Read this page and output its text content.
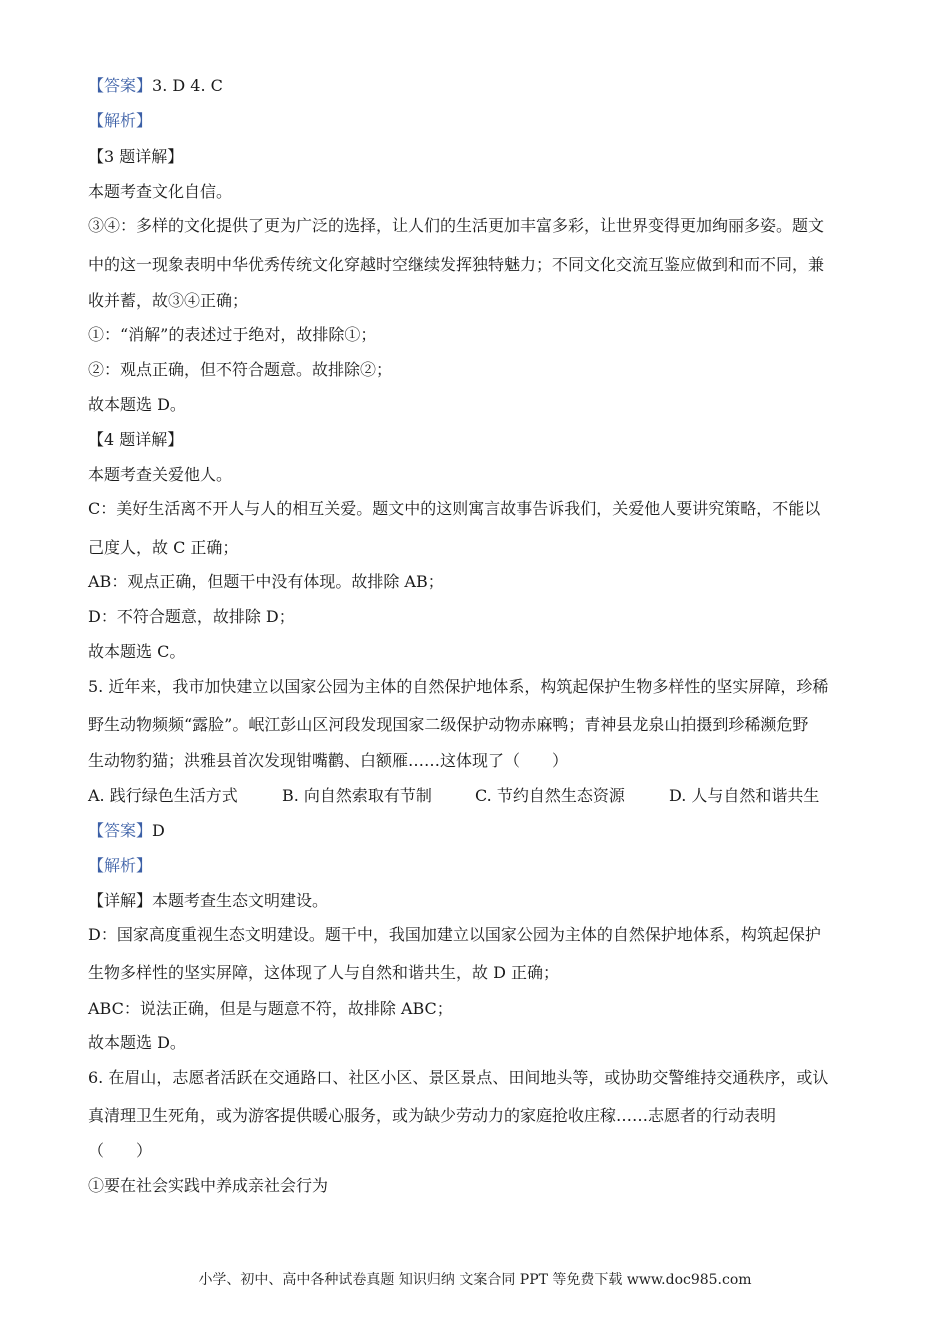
【答案】3. D 4. C
【解析】
【3 题详解】
本题考查文化自信。
③④：多样的文化提供了更为广泛的选择，让人们的生活更加丰富多彩，让世界变得更加绚丽多姿。题文
中的这一现象表明中华优秀传统文化穿越时空继续发挥独特魅力；不同文化交流互鉴应做到和而不同，兼
收并蓄，故③④正确；
①：“消解”的表述过于绝对，故排除①；
②：观点正确，但不符合题意。故排除②；
故本题选 D。
【4 题详解】
本题考查关爱他人。
C：美好生活离不开人与人的相互关爱。题文中的这则寓言故事告诉我们，关爱他人要讲究策略，不能以
己度人，故 C 正确；
AB：观点正确，但题干中没有体现。故排除 AB；
D：不符合题意，故排除 D；
故本题选 C。
5. 近年来，我市加快建立以国家公园为主体的自然保护地体系，构筑起保护生物多样性的坚实屏障，珍稀
野生动物频频“露脸”。岷江彭山区河段发现国家二级保护动物赤麻鸭；青神县龙泉山拍摄到珍稀濒危野
生动物豹猫；洪雅县首次发现钳嘴鹳、白额雁……这体现了（　　）
A. 践行绿色生活方式	B. 向自然索取有节制	C. 节约自然生态资源	D. 人与自然和谐共生
【答案】D
【解析】
【详解】本题考查生态文明建设。
D：国家高度重视生态文明建设。题干中，我国加建立以国家公园为主体的自然保护地体系，构筑起保护
生物多样性的坚实屏障，这体现了人与自然和谐共生，故 D 正确；
ABC：说法正确，但是与题意不符，故排除 ABC；
故本题选 D。
6. 在眉山，志愿者活跃在交通路口、社区小区、景区景点、田间地头等，或协助交警维持交通秩序，或认
真清理卫生死角，或为游客提供暖心服务，或为缺少劳动力的家庭抢收庄稼……志愿者的行动表明
（　　）
①要在社会实践中养成亲社会行为
小学、初中、高中各种试卷真题 知识归纳 文案合同 PPT 等免费下载 www.doc985.com
